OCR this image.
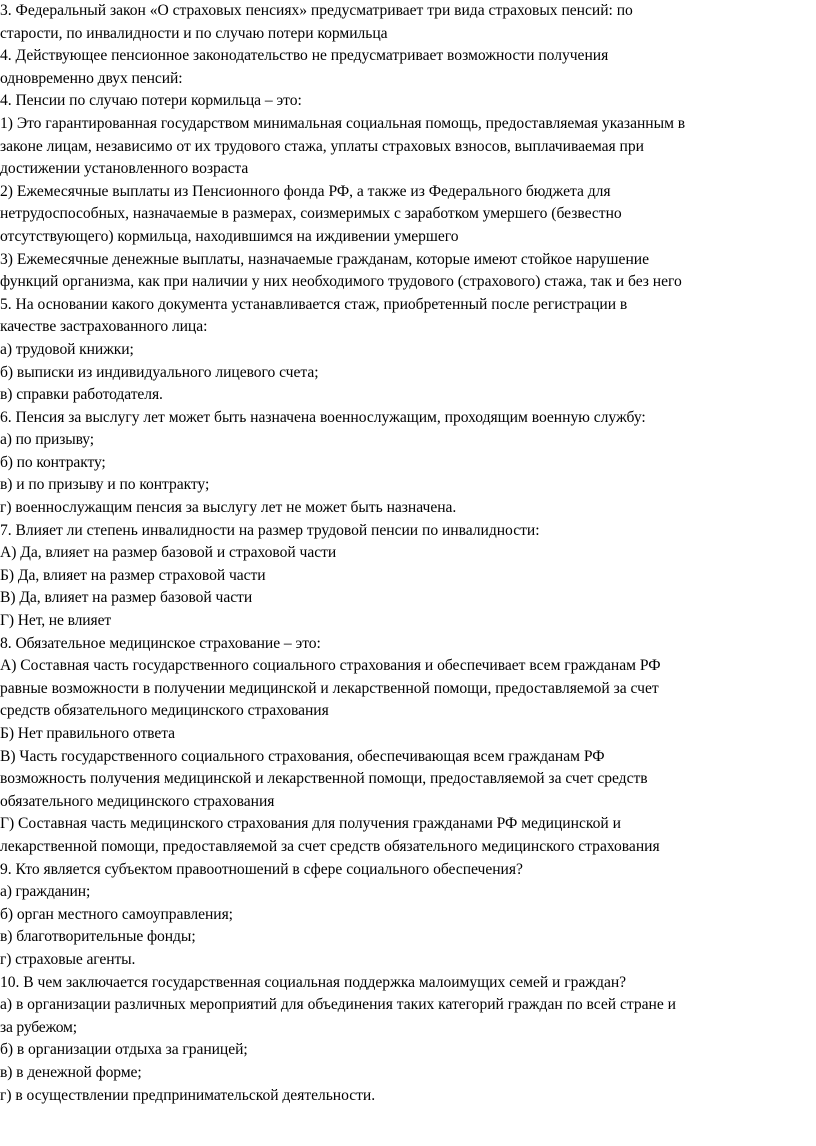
3. Федеральный закон «О страховых пенсиях» предусматривает три вида страховых пенсий: по
старости, по инвалидности и по случаю потери кормильца
4. Действующее пенсионное законодательство не предусматривает возможности получения
одновременно двух пенсий:
4. Пенсии по случаю потери кормильца – это:
1) Это гарантированная государством минимальная социальная помощь, предоставляемая указанным в
законе лицам, независимо от их трудового стажа, уплаты страховых взносов, выплачиваемая при
достижении установленного возраста
2) Ежемесячные выплаты из Пенсионного фонда РФ, а также из Федерального бюджета для
нетрудоспособных, назначаемые в размерах, соизмеримых с заработком умершего (безвестно
отсутствующего) кормильца, находившимся на иждивении умершего
3) Ежемесячные денежные выплаты, назначаемые гражданам, которые имеют стойкое нарушение
функций организма, как при наличии у них необходимого трудового (страхового) стажа, так и без него
5. На основании какого документа устанавливается стаж, приобретенный после регистрации в
качестве застрахованного лица:
а) трудовой книжки;
б) выписки из индивидуального лицевого счета;
в) справки работодателя.
6. Пенсия за выслугу лет может быть назначена военнослужащим, проходящим военную службу:
а) по призыву;
б) по контракту;
в) и по призыву и по контракту;
г) военнослужащим пенсия за выслугу лет не может быть назначена.
7. Влияет ли степень инвалидности на размер трудовой пенсии по инвалидности:
А) Да, влияет на размер базовой и страховой части
Б) Да, влияет на размер страховой части
В) Да, влияет на размер базовой части
Г) Нет, не влияет
8. Обязательное медицинское страхование – это:
А) Составная часть государственного социального страхования и обеспечивает всем гражданам РФ
равные возможности в получении медицинской и лекарственной помощи, предоставляемой за счет
средств обязательного медицинского страхования
Б) Нет правильного ответа
В) Часть государственного социального страхования, обеспечивающая всем гражданам РФ
возможность получения медицинской и лекарственной помощи, предоставляемой за счет средств
обязательного медицинского страхования
Г) Составная часть медицинского страхования для получения гражданами РФ медицинской и
лекарственной помощи, предоставляемой за счет средств обязательного медицинского страхования
9. Кто является субъектом правоотношений в сфере социального обеспечения?
а) гражданин;
б) орган местного самоуправления;
в) благотворительные фонды;
г) страховые агенты.
10. В чем заключается государственная социальная поддержка малоимущих семей и граждан?
а) в организации различных мероприятий для объединения таких категорий граждан по всей стране и
за рубежом;
б) в организации отдыха за границей;
в) в денежной форме;
г) в осуществлении предпринимательской деятельности.
